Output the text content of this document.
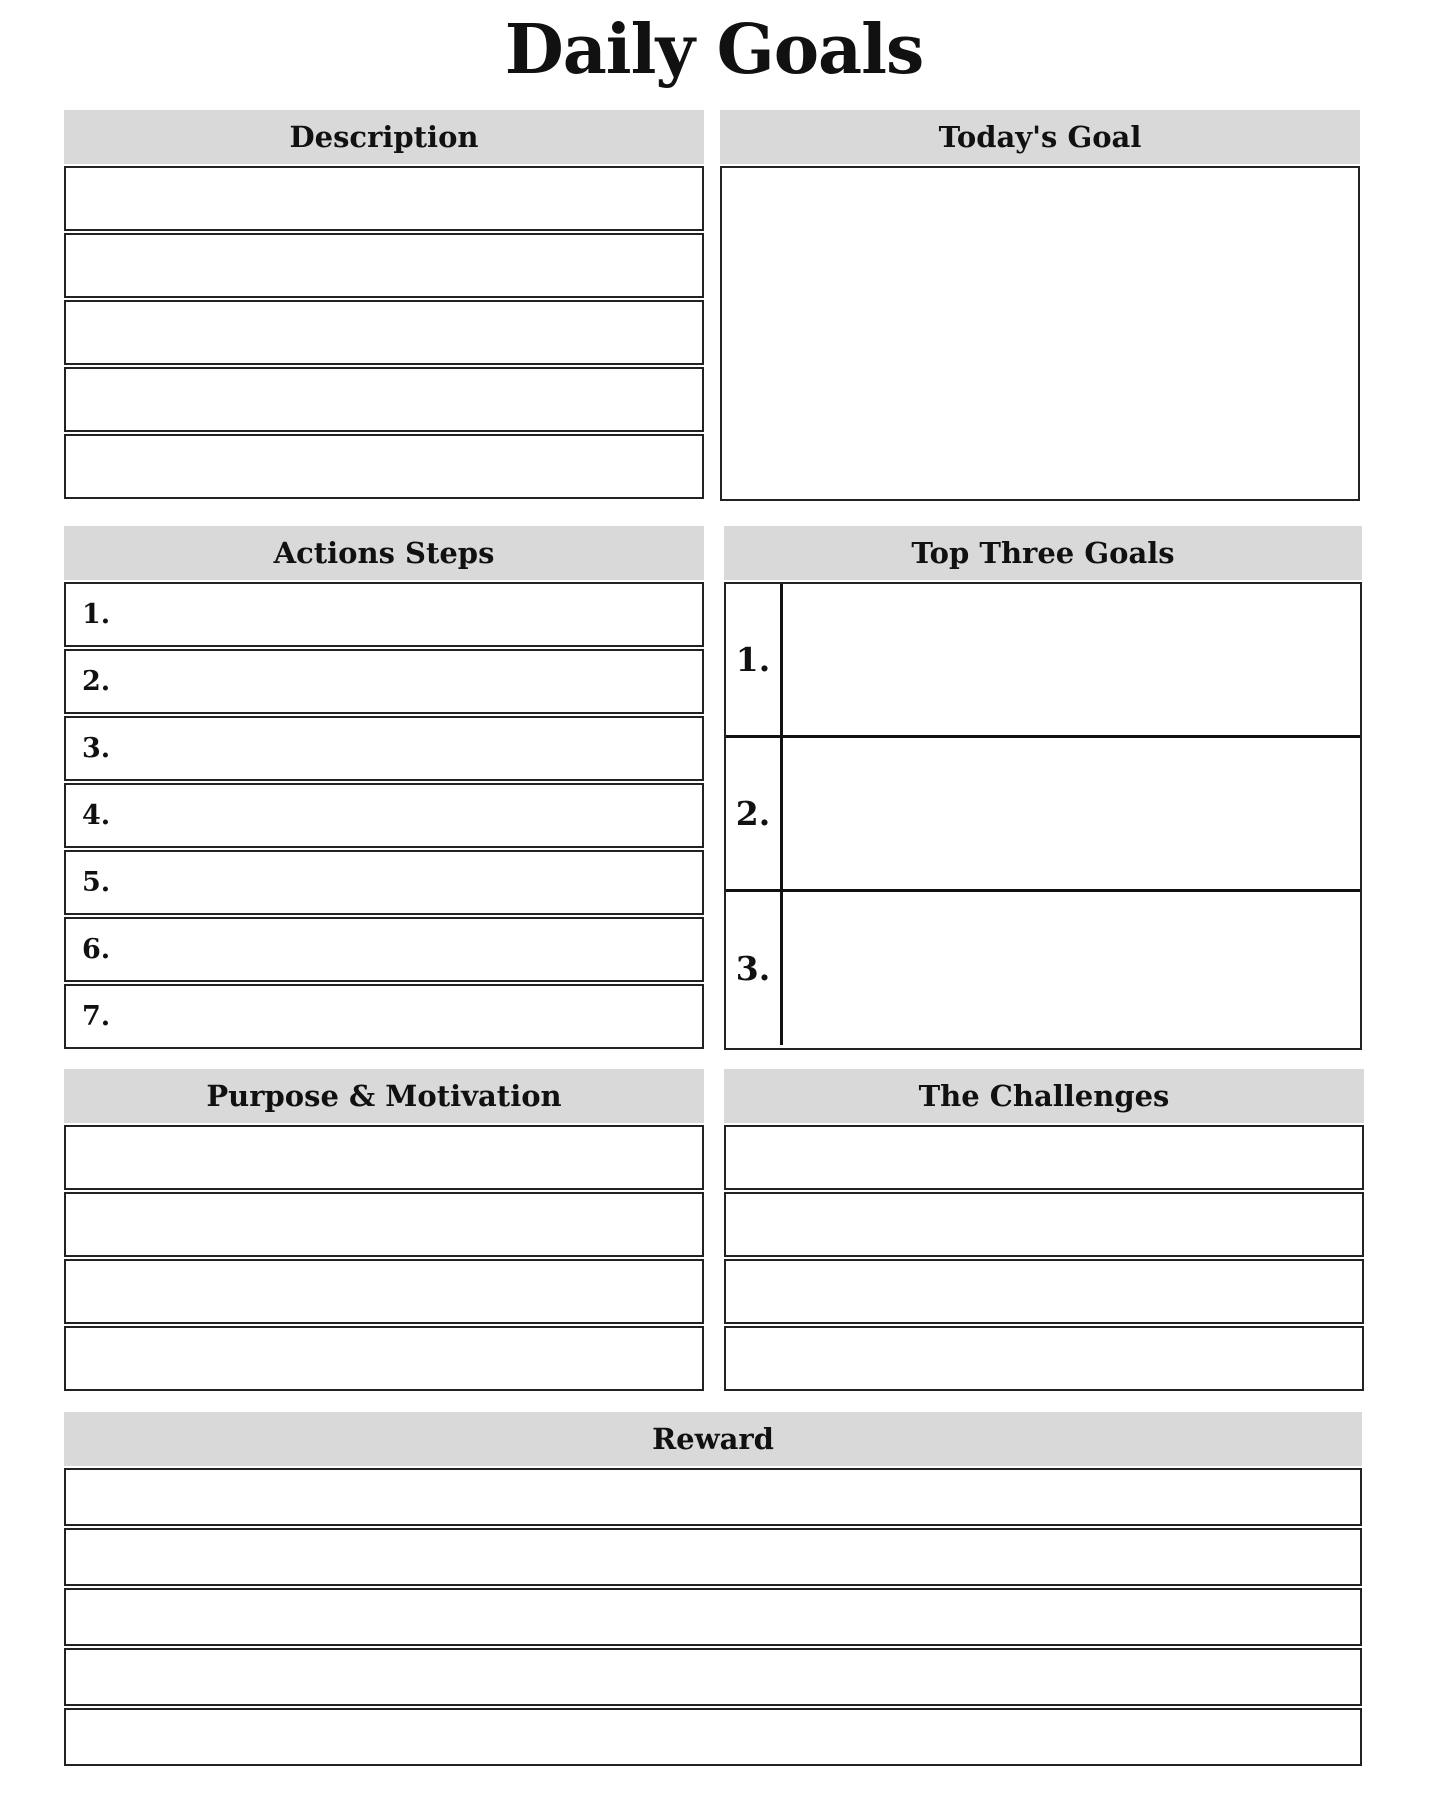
Daily Goals
Description	Today's Goal
Actions Steps
1.
2.
3.
4.
5.
6.
7.
Top Three Goals
1.
2.
3.
Purpose & Motivation	The Challenges
Reward
